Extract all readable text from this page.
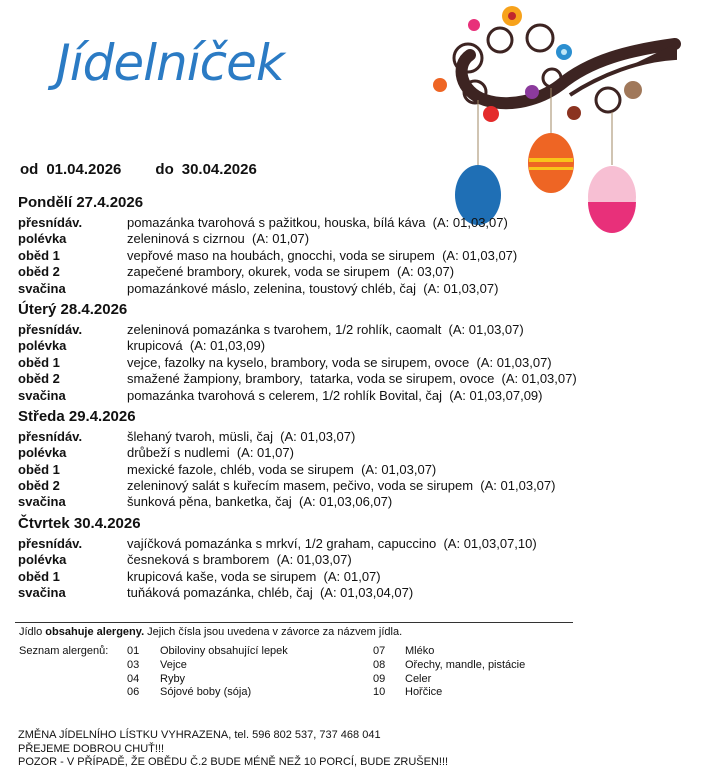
Jídelníček
od 01.04.2026 do 30.04.2026
Pondělí 27.4.2026
přesnídáv.	pomazánka tvarohová s pažitkou, houska, bílá káva  (A: 01,03,07)
polévka	zeleninová s cizrnou  (A: 01,07)
oběd 1	vepřové maso na houbách, gnocchi, voda se sirupem  (A: 01,03,07)
oběd 2	zapečené brambory, okurek, voda se sirupem  (A: 03,07)
svačina	pomazánkové máslo, zelenina, toustový chléb, čaj  (A: 01,03,07)
Úterý 28.4.2026
přesnídáv.	zeleninová pomazánka s tvarohem, 1/2 rohlík, caomalt  (A: 01,03,07)
polévka	krupicová  (A: 01,03,09)
oběd 1	vejce, fazolky na kyselo, brambory, voda se sirupem, ovoce  (A: 01,03,07)
oběd 2	smažené žampiony, brambory,  tatarka, voda se sirupem, ovoce  (A: 01,03,07)
svačina	pomazánka tvarohová s celerem, 1/2 rohlík Bovital, čaj  (A: 01,03,07,09)
Středa 29.4.2026
přesnídáv.	šlehaný tvaroh, müsli, čaj  (A: 01,03,07)
polévka	drůbeží s nudlemi  (A: 01,07)
oběd 1	mexické fazole, chléb, voda se sirupem  (A: 01,03,07)
oběd 2	zeleninový salát s kuřecím masem, pečivo, voda se sirupem  (A: 01,03,07)
svačina	šunková pěna, banketka, čaj  (A: 01,03,06,07)
Čtvrtek 30.4.2026
přesnídáv.	vajíčková pomazánka s mrkví, 1/2 graham, capuccino  (A: 01,03,07,10)
polévka	česneková s bramborem  (A: 01,03,07)
oběd 1	krupicová kaše, voda se sirupem  (A: 01,07)
svačina	tuňáková pomazánka, chléb, čaj  (A: 01,03,04,07)
Jídlo obsahuje alergeny. Jejich čísla jsou uvedena v závorce za názvem jídla.
Seznam alergenů: 01 Obiloviny obsahující lepek
03 Vejce
04 Ryby
06 Sójové boby (sója)
07 Mléko
08 Ořechy, mandle, pistácie
09 Celer
10 Hořčice
ZMĚNA JÍDELNÍHO LÍSTKU VYHRAZENA, tel. 596 802 537, 737 468 041
PŘEJEME DOBROU CHUŤ!!!
POZOR - V PŘÍPADĚ, ŽE OBĚDU Č.2 BUDE MÉNĚ NEŽ 10 PORCÍ, BUDE ZRUŠEN!!!
